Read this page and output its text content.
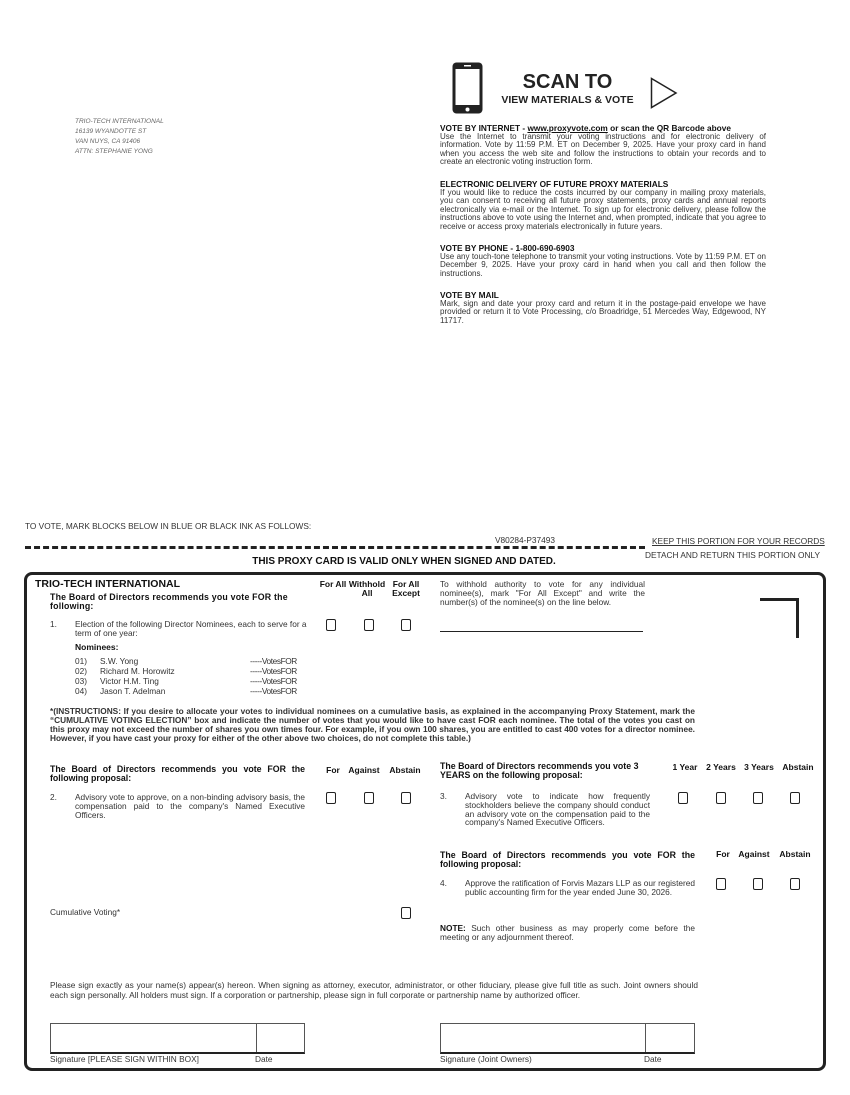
SCAN TO
VIEW MATERIALS & VOTE
TRIO-TECH INTERNATIONAL
16139 WYANDOTTE ST
VAN NUYS, CA 91406
ATTN: STEPHANIE YONG
VOTE BY INTERNET - www.proxyvote.com or scan the QR Barcode above

Use the Internet to transmit your voting instructions and for electronic delivery of information. Vote by 11:59 P.M. ET on December 9, 2025. Have your proxy card in hand when you access the web site and follow the instructions to obtain your records and to create an electronic voting instruction form.

ELECTRONIC DELIVERY OF FUTURE PROXY MATERIALS

If you would like to reduce the costs incurred by our company in mailing proxy materials, you can consent to receiving all future proxy statements, proxy cards and annual reports electronically via e-mail or the Internet. To sign up for electronic delivery, please follow the instructions above to vote using the Internet and, when prompted, indicate that you agree to receive or access proxy materials electronically in future years.

VOTE BY PHONE - 1-800-690-6903

Use any touch-tone telephone to transmit your voting instructions. Vote by 11:59 P.M. ET on December 9, 2025. Have your proxy card in hand when you call and then follow the instructions.

VOTE BY MAIL

Mark, sign and date your proxy card and return it in the postage-paid envelope we have provided or return it to Vote Processing, c/o Broadridge, 51 Mercedes Way, Edgewood, NY 11717.

TO VOTE, MARK BLOCKS BELOW IN BLUE OR BLACK INK AS FOLLOWS:
V80284-P37493	KEEP THIS PORTION FOR YOUR RECORDS
DETACH AND RETURN THIS PORTION ONLY
THIS PROXY CARD IS VALID ONLY WHEN SIGNED AND DATED.
TRIO-TECH INTERNATIONAL
The Board of Directors recommends you vote FOR the following:
For All Withhold All
For All Except
To withhold authority to vote for any individual nominee(s), mark "For All Except" and write the number(s) of the nominee(s) on the line below.
1. Election of the following Director Nominees, each to serve for a term of one year:
Nominees:
01) S.W. Yong	-----VotesFOR
02) Richard M. Horowitz	-----VotesFOR
03) Victor H.M. Ting	-----VotesFOR
04) Jason T. Adelman	-----VotesFOR
*(INSTRUCTIONS: If you desire to allocate your votes to individual nominees on a cumulative basis, as explained in the accompanying Proxy Statement, mark the “CUMULATIVE VOTING ELECTION” box and indicate the number of votes that you would like to have cast FOR each nominee. The total of the votes you cast on this proxy may not exceed the number of shares you own times four. For example, if you own 100 shares, you are entitled to cast 400 votes for a director nominee. However, if you have cast your proxy for either of the other above two choices, do not complete this table.)
The Board of Directors recommends you vote FOR the following proposal:
For	Against	Abstain
2. Advisory vote to approve, on a non-binding advisory basis, the compensation paid to the company's Named Executive Officers.
Cumulative Voting*
The Board of Directors recommends you vote 3 YEARS on the following proposal:
1 Year	2 Years 3 Years	Abstain
3. Advisory vote to indicate how frequently stockholders believe the company should conduct an advisory vote on the compensation paid to the company's Named Executive Officers.
The Board of Directors recommends you vote FOR the following proposal:
For	Against	Abstain
4. Approve the ratification of Forvis Mazars LLP as our registered public accounting firm for the year ended June 30, 2026.
NOTE: Such other business as may properly come before the meeting or any adjournment thereof.
Please sign exactly as your name(s) appear(s) hereon. When signing as attorney, executor, administrator, or other fiduciary, please give full title as such. Joint owners should each sign personally. All holders must sign. If a corporation or partnership, please sign in full corporate or partnership name by authorized officer.
Signature [PLEASE SIGN WITHIN BOX]	Date	Signature (Joint Owners)	Date
